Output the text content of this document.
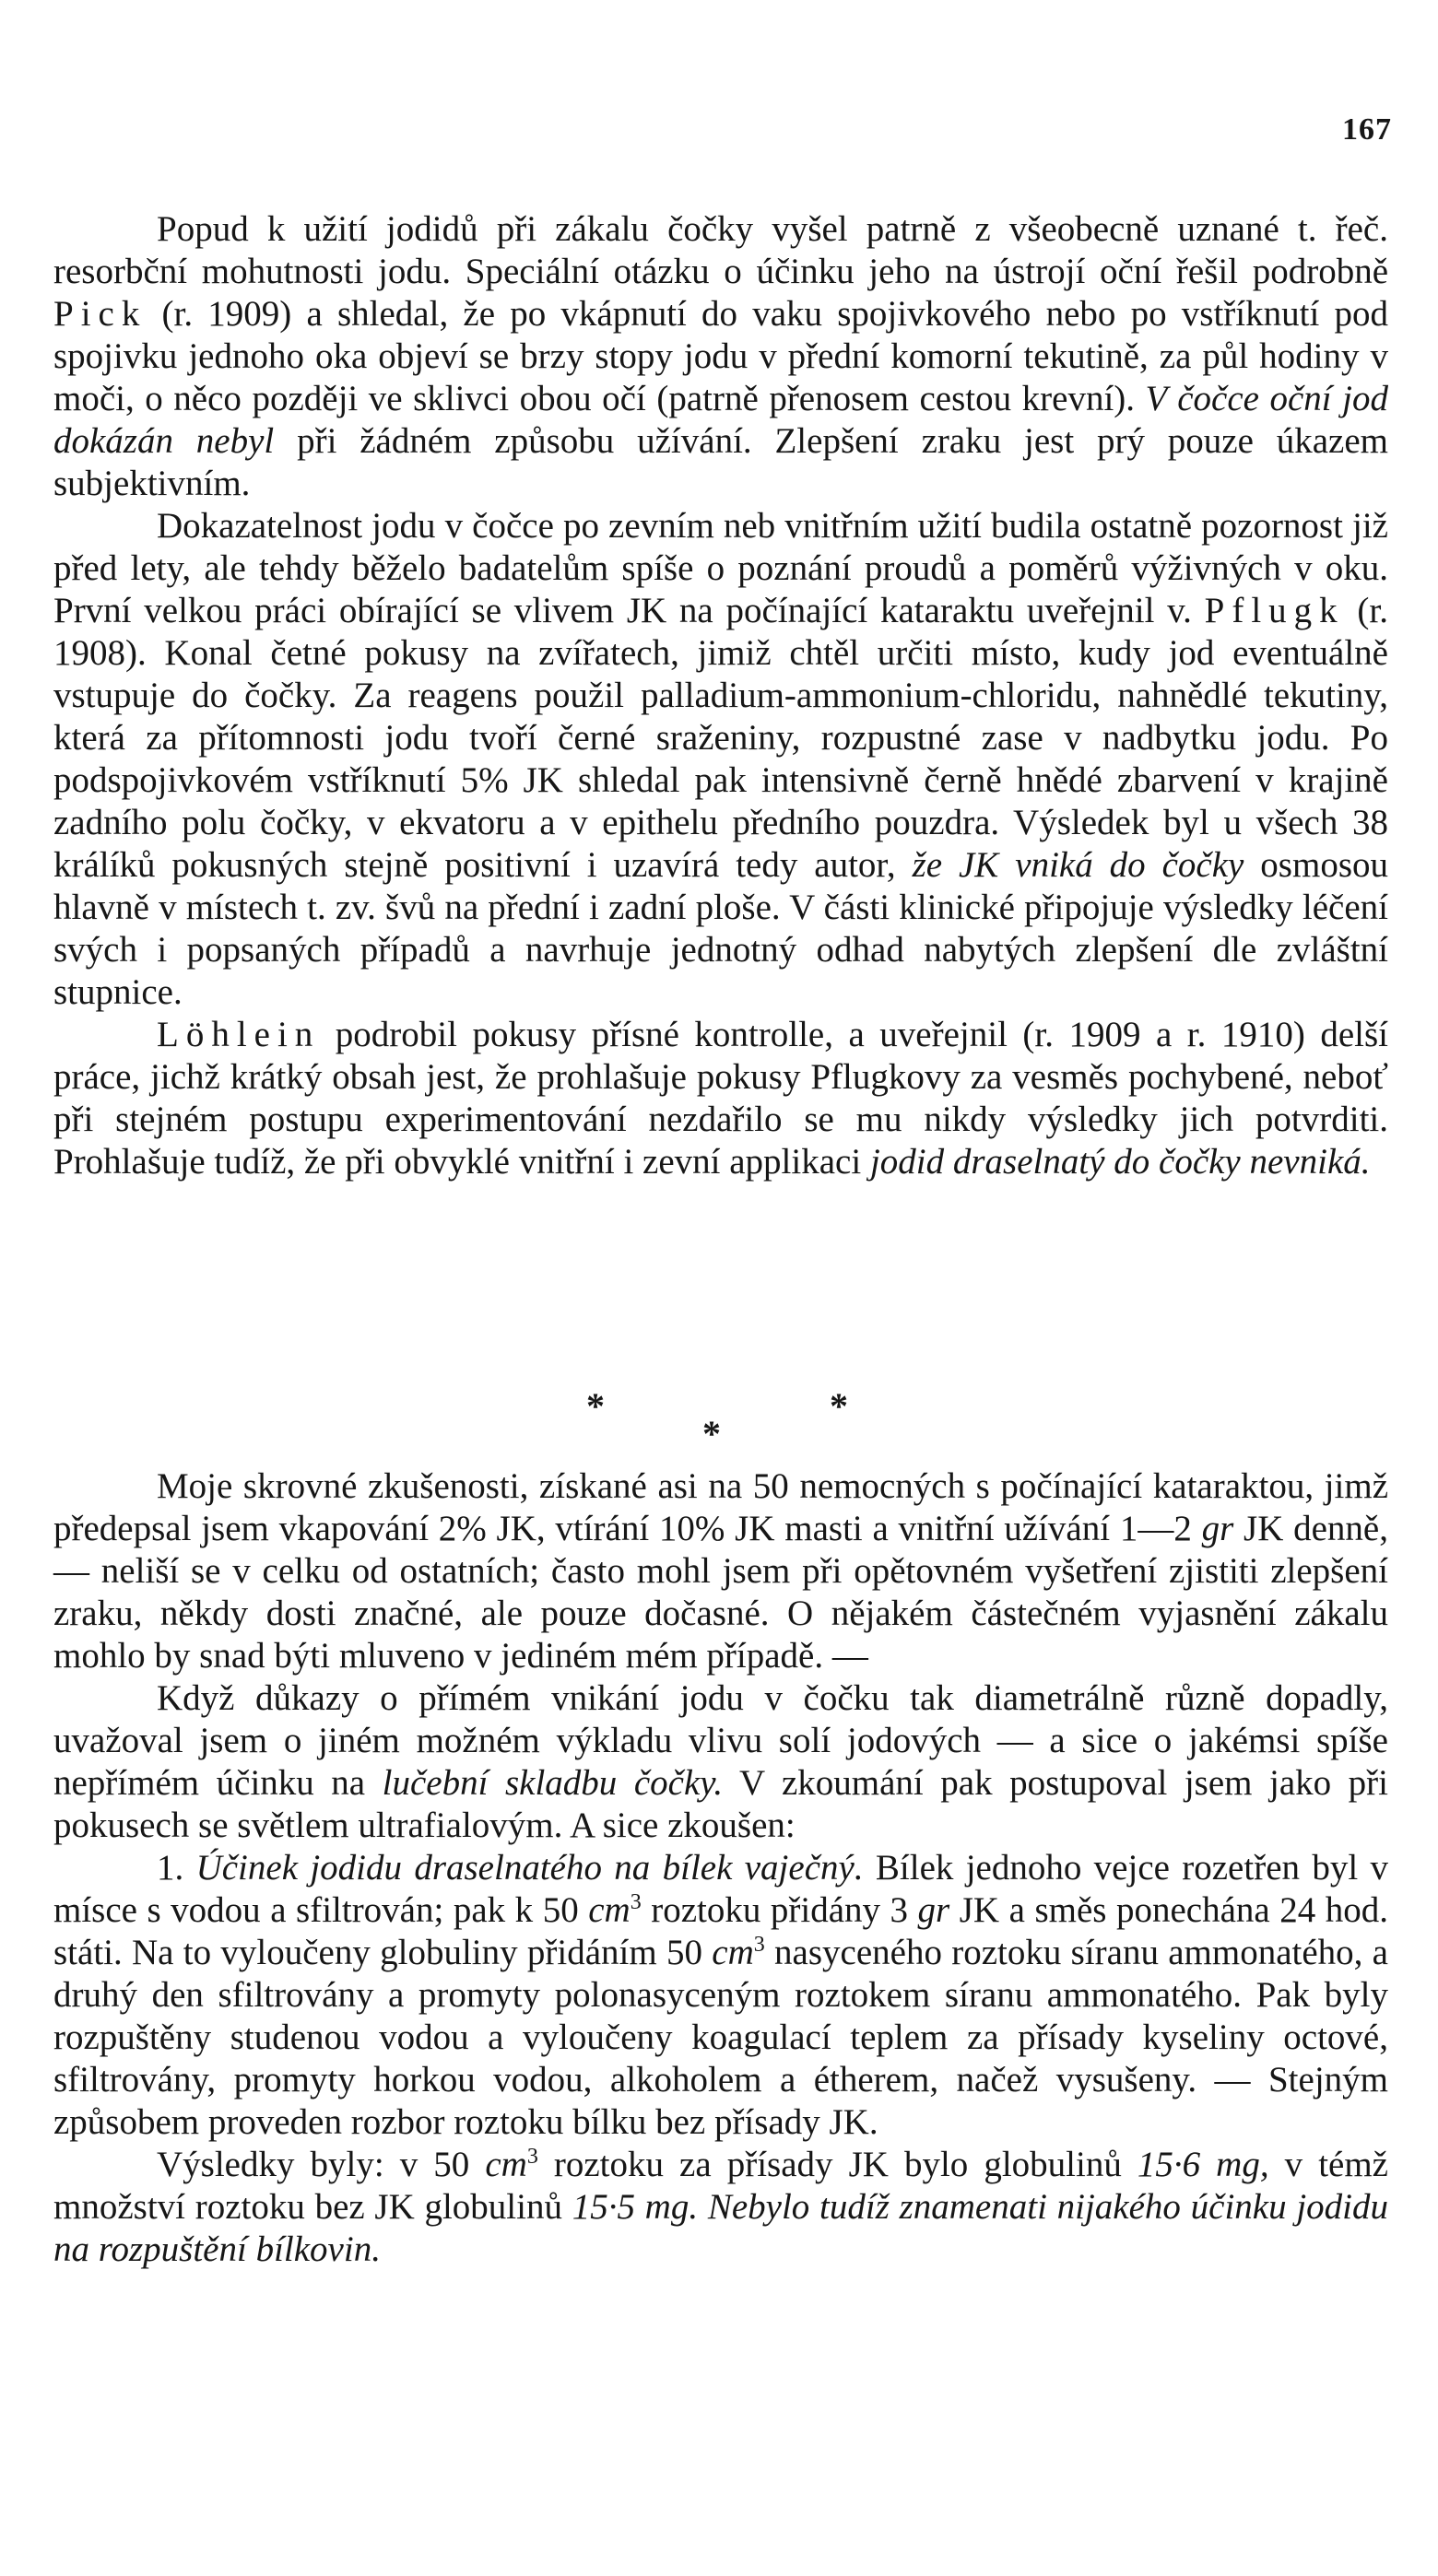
167

Popud k užití jodidů při zákalu čočky vyšel patrně z všeobecně uznané t. řeč. resorbční mohutnosti jodu. Speciální otázku o účinku jeho na ústrojí oční řešil podrobně Pick (r. 1909) a shledal, že po vkápnutí do vaku spojivkového nebo po vstříknutí pod spojivku jednoho oka objeví se brzy stopy jodu v přední komorní tekutině, za půl hodiny v moči, o něco později ve sklivci obou očí (patrně přenosem cestou krevní). V čočce oční jod dokázán nebyl při žádném způsobu užívání. Zlepšení zraku jest prý pouze úkazem subjektivním.

Dokazatelnost jodu v čočce po zevním neb vnitřním užití budila ostatně pozornost již před lety, ale tehdy běželo badatelům spíše o poznání proudů a poměrů výživných v oku. První velkou práci obírající se vlivem JK na počínající kataraktu uveřejnil v. Pflugk (r. 1908). Konal četné pokusy na zvířatech, jimiž chtěl určiti místo, kudy jod eventuálně vstupuje do čočky. Za reagens použil palladium-ammonium-chloridu, nahnědlé tekutiny, která za přítomnosti jodu tvoří černé sraženiny, rozpustné zase v nadbytku jodu. Po podspojivkovém vstříknutí 5% JK shledal pak intensivně černě hnědé zbarvení v krajině zadního polu čočky, v ekvatoru a v epithelu předního pouzdra. Výsledek byl u všech 38 králíků pokusných stejně positivní i uzavírá tedy autor, že JK vniká do čočky osmosou hlavně v místech t. zv. švů na přední i zadní ploše. V části klinické připojuje výsledky léčení svých i popsaných případů a navrhuje jednotný odhad nabytých zlepšení dle zvláštní stupnice.

Löhlein podrobil pokusy přísné kontrolle, a uveřejnil (r. 1909 a r. 1910) delší práce, jichž krátký obsah jest, že prohlašuje pokusy Pflugkovy za vesměs pochybené, neboť při stejném postupu experimentování nezdařilo se mu nikdy výsledky jich potvrditi. Prohlašuje tudíž, že při obvyklé vnitřní i zevní applikaci jodid draselnatý do čočky nevniká.

*	*
*

Moje skrovné zkušenosti, získané asi na 50 nemocných s počínající kataraktou, jimž předepsal jsem vkapování 2% JK, vtírání 10% JK masti a vnitřní užívání 1—2 gr JK denně, — neliší se v celku od ostatních; často mohl jsem při opětovném vyšetření zjistiti zlepšení zraku, někdy dosti značné, ale pouze dočasné. O nějakém částečném vyjasnění zákalu mohlo by snad býti mluveno v jediném mém případě. —

Když důkazy o přímém vnikání jodu v čočku tak diametrálně různě dopadly, uvažoval jsem o jiném možném výkladu vlivu solí jodových — a sice o jakémsi spíše nepřímém účinku na lučební skladbu čočky. V zkoumání pak postupoval jsem jako při pokusech se světlem ultrafialovým. A sice zkoušen:

1. Účinek jodidu draselnatého na bílek vaječný. Bílek jednoho vejce rozetřen byl v mísce s vodou a sfiltrován; pak k 50 $cm^3$ roztoku přidány 3 gr JK a směs ponechána 24 hod. státi. Na to vyloučeny globuliny přidáním 50 $cm^3$ nasyceného roztoku síranu ammonatého, a druhý den sfiltrovány a promyty polonasyceným roztokem síranu ammonatého. Pak byly rozpuštěny studenou vodou a vyloučeny koagulací teplem za přísady kyseliny octové, sfiltrovány, promyty horkou vodou, alkoholem a étherem, načež vysušeny. — Stejným způsobem proveden rozbor roztoku bílku bez přísady JK.

Výsledky byly: v 50 $cm^3$ roztoku za přísady JK bylo globulinů 15·6 mg, v témž množství roztoku bez JK globulinů 15·5 mg. Nebylo tudíž znamenati nijakého účinku jodidu na rozpuštění bílkovin.
